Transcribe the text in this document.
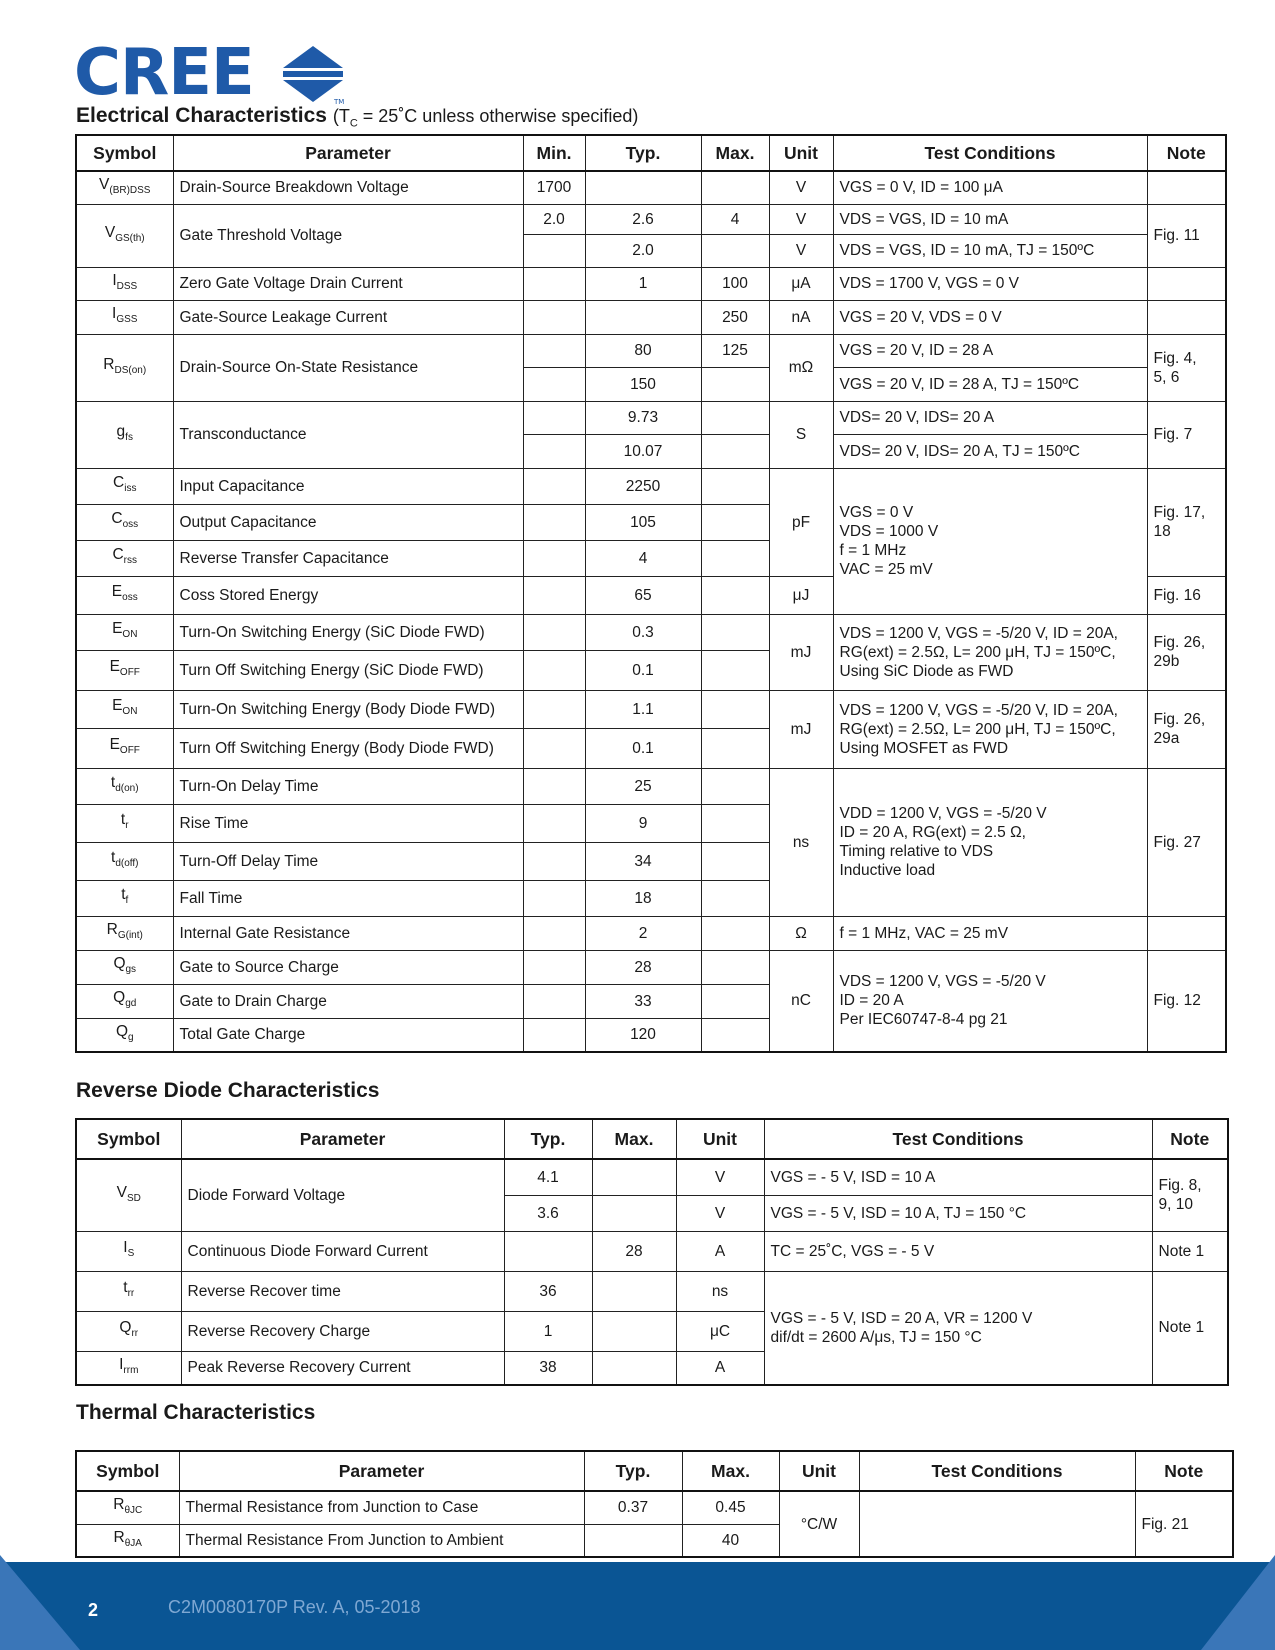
CREE	TM
Electrical Characteristics ($T_C$ = 25˚C unless otherwise specified)
Symbol	Parameter	Min.	Typ.	Max.	Unit	Test Conditions	Note
$V_{(BR)DSS}$	Drain-Source Breakdown Voltage	1700			V	VGS = 0 V, ID = 100 μA	
$V_{GS(th)}$	Gate Threshold Voltage	2.0	2.6	4	V	VDS = VGS, ID = 10 mA	Fig. 11
			2.0		V	VDS = VGS, ID = 10 mA, TJ = 150ºC	
$I_{DSS}$	Zero Gate Voltage Drain Current		1	100	μA	VDS = 1700 V, VGS = 0 V	
$I_{GSS}$	Gate-Source Leakage Current			250	nA	VGS = 20 V, VDS = 0 V	
$R_{DS(on)}$	Drain-Source On-State Resistance		80	125	mΩ	VGS = 20 V, ID = 28 A	Fig. 4,
5, 6
			150			VGS = 20 V, ID = 28 A, TJ = 150ºC	
$g_{fs}$	Transconductance		9.73		S	VDS= 20 V, IDS= 20 A	Fig. 7
			10.07			VDS= 20 V, IDS= 20 A, TJ = 150ºC	
$C_{iss}$	Input Capacitance		2250		pF	VGS = 0 V
VDS = 1000 V
f = 1 MHz
VAC = 25 mV	Fig. 17,
18
$C_{oss}$	Output Capacitance		105				
$C_{rss}$	Reverse Transfer Capacitance		4				
$E_{oss}$	Coss Stored Energy		65		μJ		Fig. 16
$E_{ON}$	Turn-On Switching Energy (SiC Diode FWD)		0.3		mJ	VDS = 1200 V, VGS = -5/20 V, ID = 20A,
RG(ext) = 2.5Ω, L= 200 μH, TJ = 150ºC,
Using SiC Diode as FWD	Fig. 26,
29b
$E_{OFF}$	Turn Off Switching Energy (SiC Diode FWD)		0.1				
$E_{ON}$	Turn-On Switching Energy (Body Diode FWD)		1.1		mJ	VDS = 1200 V, VGS = -5/20 V, ID = 20A,
RG(ext) = 2.5Ω, L= 200 μH, TJ = 150ºC,
Using MOSFET as FWD	Fig. 26,
29a
$E_{OFF}$	Turn Off Switching Energy (Body Diode FWD)		0.1				
$t_{d(on)}$	Turn-On Delay Time		25		ns	VDD = 1200 V, VGS = -5/20 V
ID = 20 A, RG(ext) = 2.5 Ω,
Timing relative to VDS
Inductive load	Fig. 27
$t_r$	Rise Time		9				
$t_{d(off)}$	Turn-Off Delay Time		34				
$t_f$	Fall Time		18				
$R_{G(int)}$	Internal Gate Resistance		2		Ω	f = 1 MHz, VAC = 25 mV	
$Q_{gs}$	Gate to Source Charge		28		nC	VDS = 1200 V, VGS = -5/20 V
ID = 20 A
Per IEC60747-8-4 pg 21	Fig. 12
$Q_{gd}$	Gate to Drain Charge		33				
$Q_g$	Total Gate Charge		120				
Reverse Diode Characteristics
Symbol	Parameter	Typ.	Max.	Unit	Test Conditions	Note
$V_{SD}$	Diode Forward Voltage	4.1		V	VGS = - 5 V, ISD = 10 A	Fig. 8,
9, 10
		3.6		V	VGS = - 5 V, ISD = 10 A, TJ = 150 °C	
$I_S$	Continuous Diode Forward Current		28	A	TC = 25˚C, VGS = - 5 V	Note 1
$t_{rr}$	Reverse Recover time	36		ns	VGS = - 5 V, ISD = 20 A, VR = 1200 V
dif/dt = 2600 A/μs, TJ = 150 °C	Note 1
$Q_{rr}$	Reverse Recovery Charge	1		μC		
$I_{rrm}$	Peak Reverse Recovery Current	38		A		
Thermal Characteristics
Symbol	Parameter	Typ.	Max.	Unit	Test Conditions	Note
$R_{\theta JC}$	Thermal Resistance from Junction to Case	0.37	0.45	°C/W		Fig. 21
$R_{\theta JA}$	Thermal Resistance From Junction to Ambient		40			
2	C2M0080170P Rev. A, 05-2018
